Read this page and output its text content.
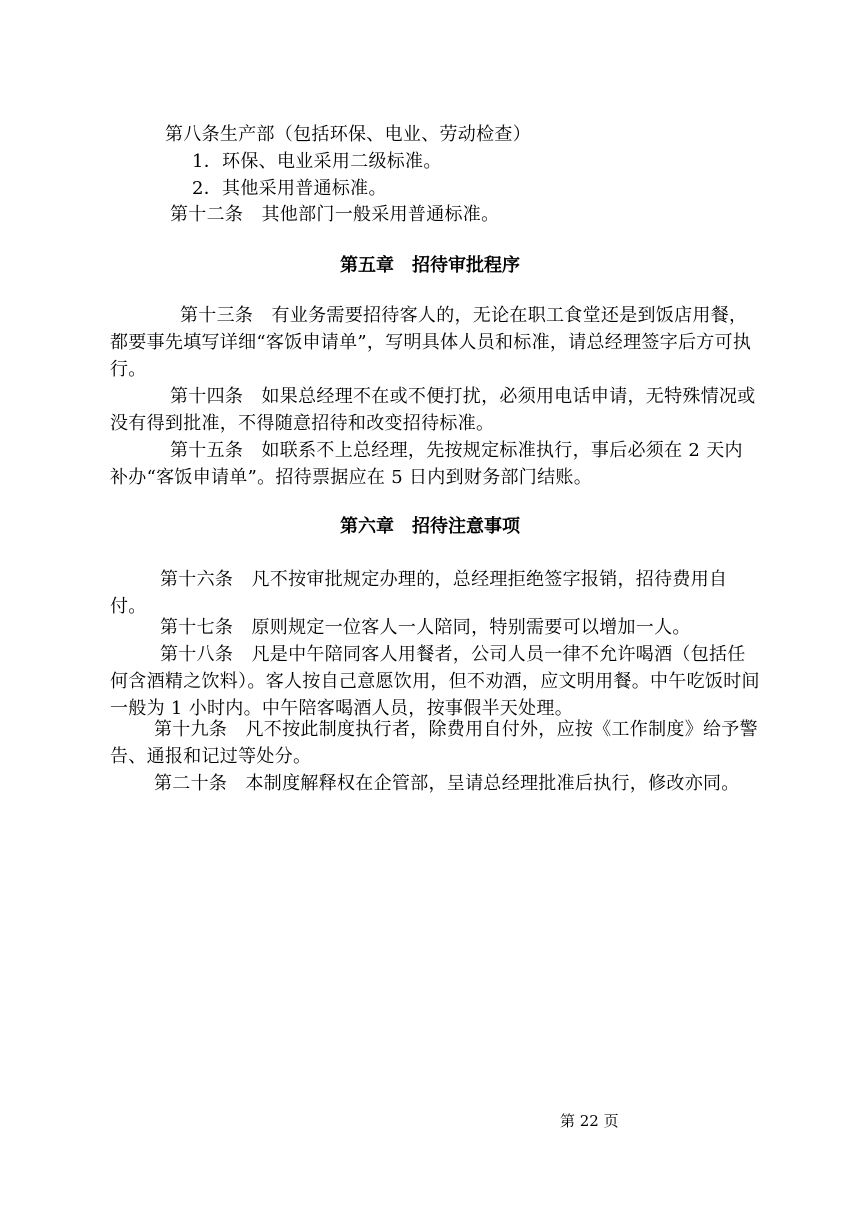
第八条生产部（包括环保、电业、劳动检查）

1．环保、电业采用二级标准。

2．其他采用普通标准。

第十二条　其他部门一般采用普通标准。

第五章　招待审批程序

第十三条　有业务需要招待客人的，无论在职工食堂还是到饭店用餐，都要事先填写详细“客饭申请单”，写明具体人员和标准，请总经理签字后方可执行。

第十四条　如果总经理不在或不便打扰，必须用电话申请，无特殊情况或没有得到批准，不得随意招待和改变招待标准。

第十五条　如联系不上总经理，先按规定标准执行，事后必须在 2 天内补办“客饭申请单”。招待票据应在 5 日内到财务部门结账。

第六章　招待注意事项

第十六条　凡不按审批规定办理的，总经理拒绝签字报销，招待费用自付。

第十七条　原则规定一位客人一人陪同，特别需要可以增加一人。

第十八条　凡是中午陪同客人用餐者，公司人员一律不允许喝酒（包括任何含酒精之饮料）。客人按自己意愿饮用，但不劝酒，应文明用餐。中午吃饭时间一般为 1 小时内。中午陪客喝酒人员，按事假半天处理。

第十九条　凡不按此制度执行者，除费用自付外，应按《工作制度》给予警告、通报和记过等处分。

第二十条　本制度解释权在企管部，呈请总经理批准后执行，修改亦同。

第 22 页
